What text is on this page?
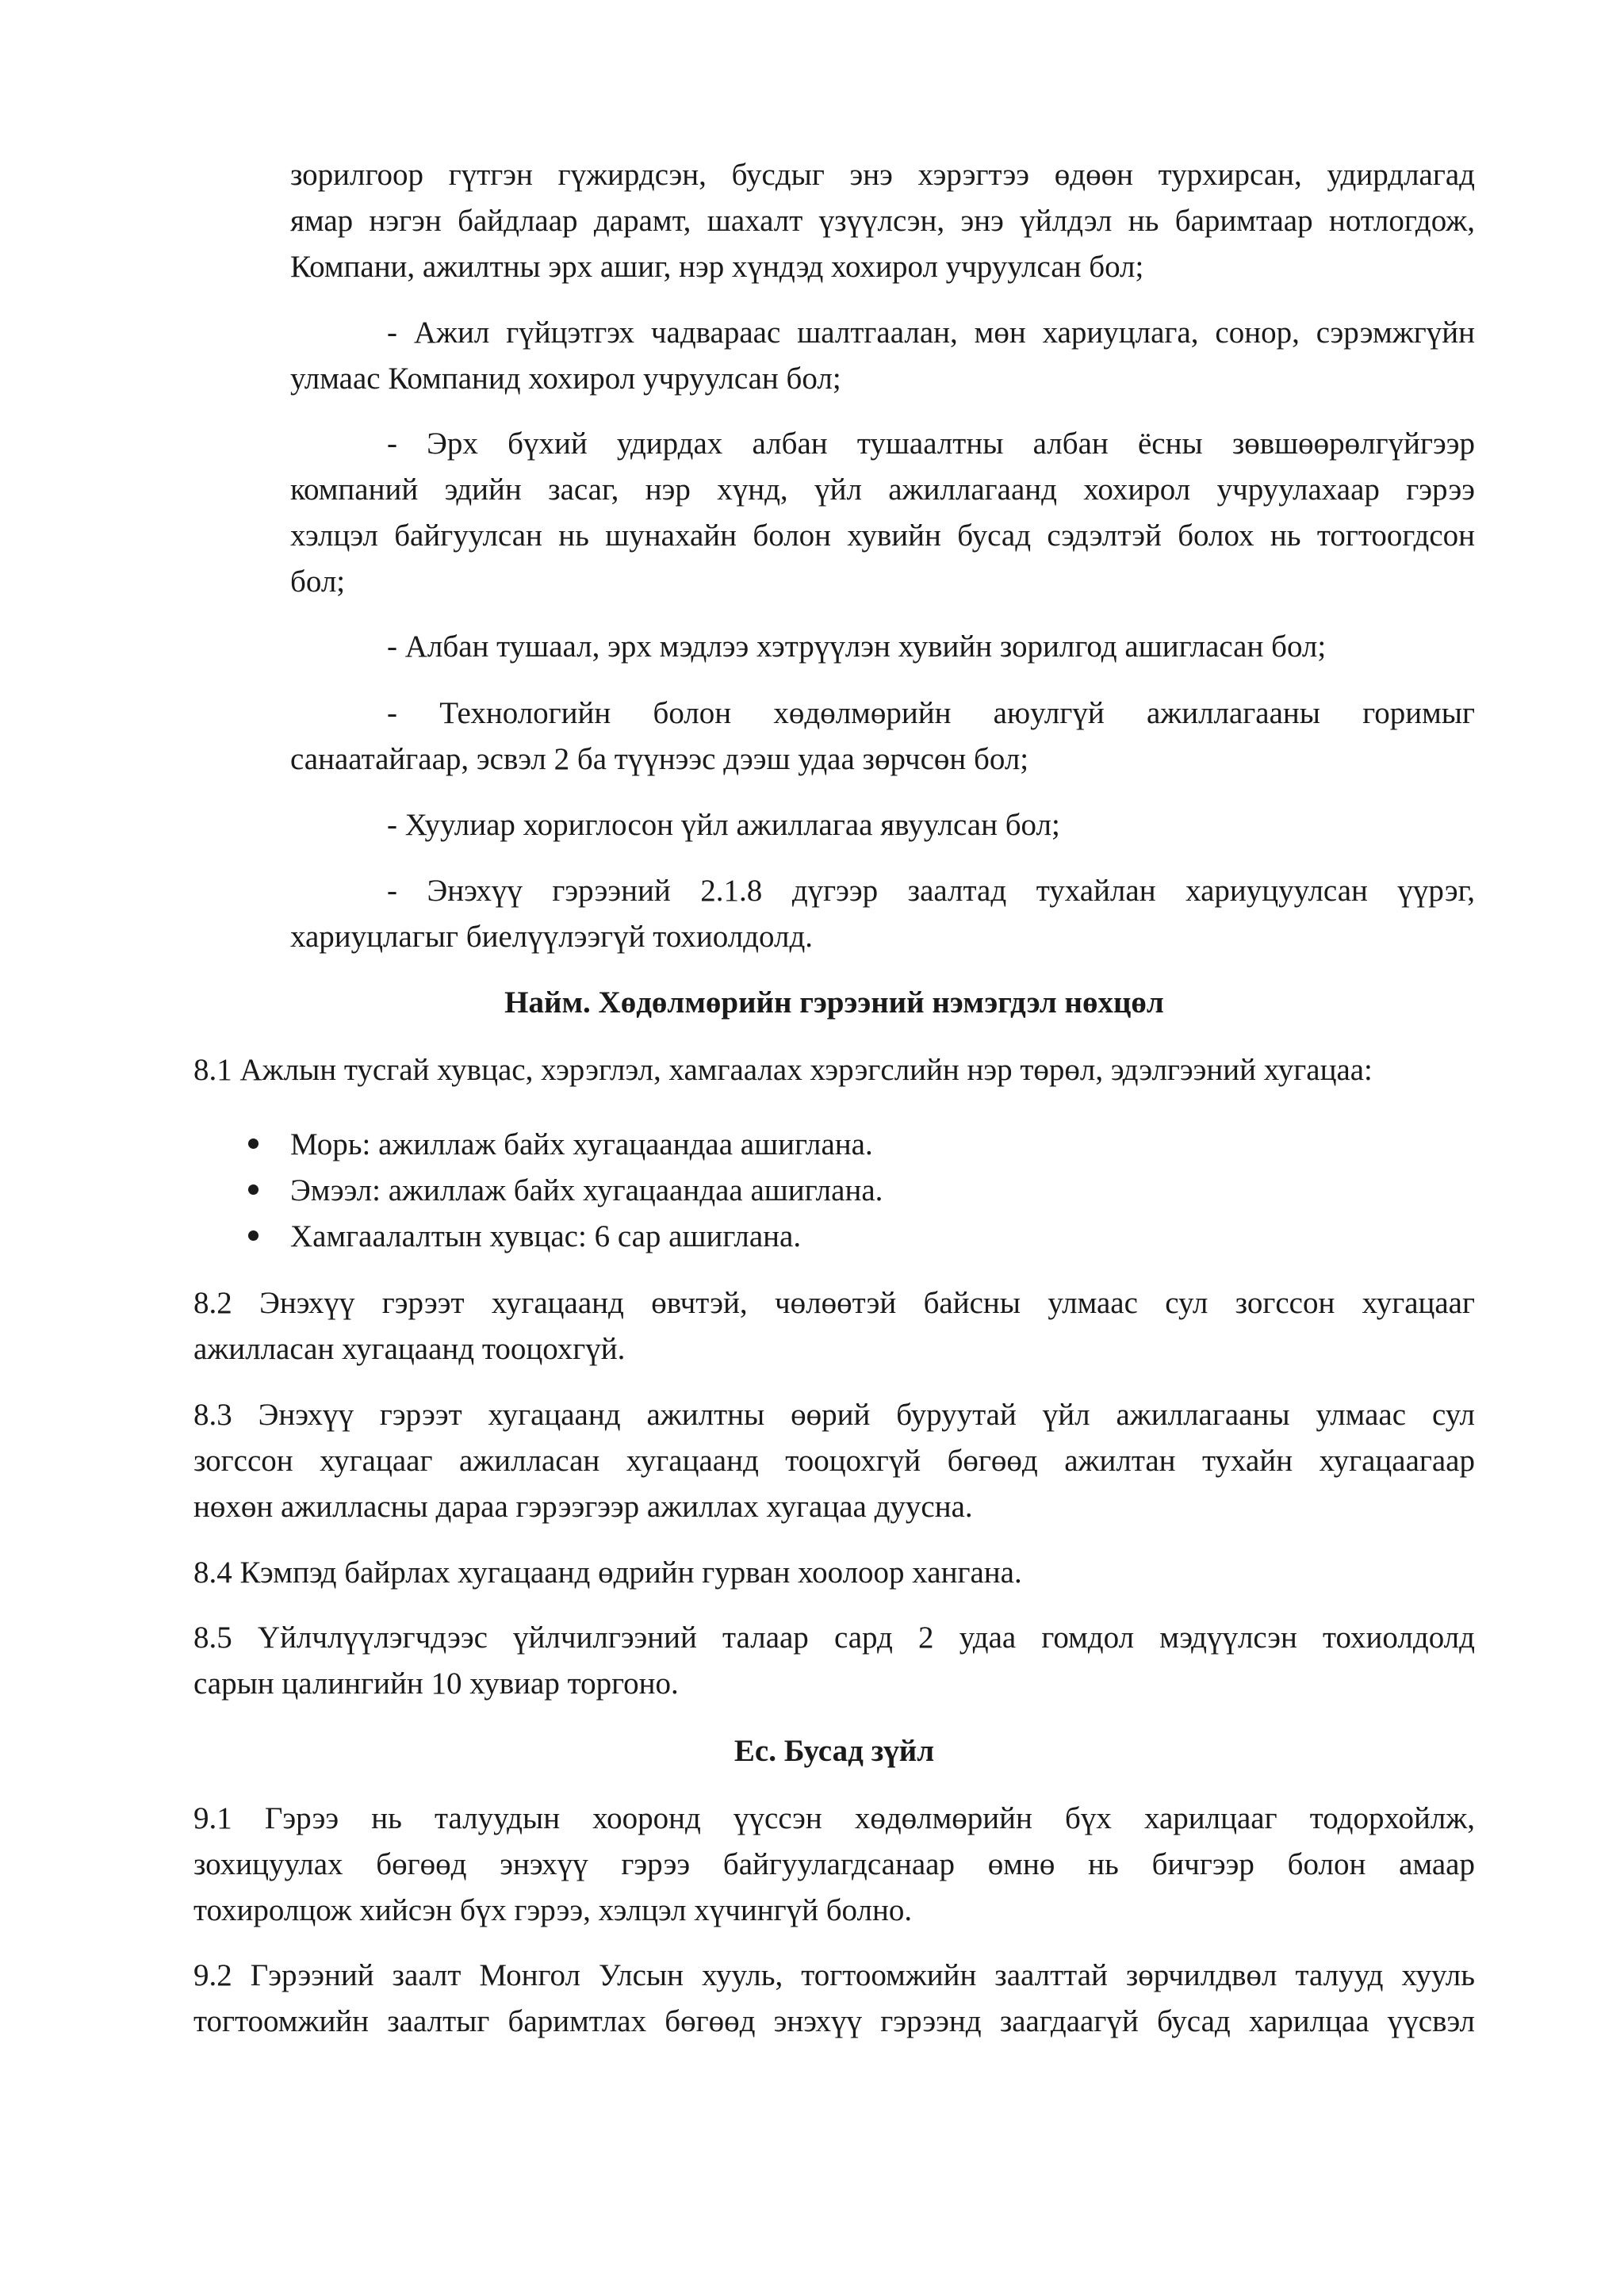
зорилгоор гүтгэн гүжирдсэн, бусдыг энэ хэрэгтээ өдөөн турхирсан, удирдлагад
ямар нэгэн байдлаар дарамт, шахалт үзүүлсэн, энэ үйлдэл нь баримтаар нотлогдож,
Компани, ажилтны эрх ашиг, нэр хүндэд хохирол учруулсан бол;
- Ажил гүйцэтгэх чадвараас шалтгаалан, мөн хариуцлага, сонор, сэрэмжгүйн
улмаас Компанид хохирол учруулсан бол;
- Эрх бүхий удирдах албан тушаалтны албан ёсны зөвшөөрөлгүйгээр
компаний эдийн засаг, нэр хүнд, үйл ажиллагаанд хохирол учруулахаар гэрээ
хэлцэл байгуулсан нь шунахайн болон хувийн бусад сэдэлтэй болох нь тогтоогдсон
бол;
- Албан тушаал, эрх мэдлээ хэтрүүлэн хувийн зорилгод ашигласан бол;
- Технологийн болон хөдөлмөрийн аюулгүй ажиллагааны горимыг
санаатайгаар, эсвэл 2 ба түүнээс дээш удаа зөрчсөн бол;
- Хуулиар хориглосон үйл ажиллагаа явуулсан бол;
- Энэхүү гэрээний 2.1.8 дүгээр заалтад тухайлан хариуцуулсан үүрэг,
хариуцлагыг биелүүлээгүй тохиолдолд.
Найм. Хөдөлмөрийн гэрээний нэмэгдэл нөхцөл
8.1 Ажлын тусгай хувцас, хэрэглэл, хамгаалах хэрэгслийн нэр төрөл, эдэлгээний хугацаа:
Морь: ажиллаж байх хугацаандаа ашиглана.
Эмээл: ажиллаж байх хугацаандаа ашиглана.
Хамгаалалтын хувцас: 6 сар ашиглана.
8.2 Энэхүү гэрээт хугацаанд өвчтэй, чөлөөтэй байсны улмаас сул зогссон хугацааг
ажилласан хугацаанд тооцохгүй.
8.3 Энэхүү гэрээт хугацаанд ажилтны өөрий буруутай үйл ажиллагааны улмаас сул
зогссон хугацааг ажилласан хугацаанд тооцохгүй бөгөөд ажилтан тухайн хугацаагаар
нөхөн ажилласны дараа гэрээгээр ажиллах хугацаа дуусна.
8.4 Кэмпэд байрлах хугацаанд өдрийн гурван хоолоор хангана.
8.5 Үйлчлүүлэгчдээс үйлчилгээний талаар сард 2 удаа гомдол мэдүүлсэн тохиолдолд
сарын цалингийн 10 хувиар торгоно.
Ес. Бусад зүйл
9.1 Гэрээ нь талуудын хооронд үүссэн хөдөлмөрийн бүх харилцааг тодорхойлж,
зохицуулах бөгөөд энэхүү гэрээ байгуулагдсанаар өмнө нь бичгээр болон амаар
тохиролцож хийсэн бүх гэрээ, хэлцэл хүчингүй болно.
9.2 Гэрээний заалт Монгол Улсын хууль, тогтоомжийн заалттай зөрчилдвөл талууд хууль
тогтоомжийн заалтыг баримтлах бөгөөд энэхүү гэрээнд заагдаагүй бусад харилцаа үүсвэл
